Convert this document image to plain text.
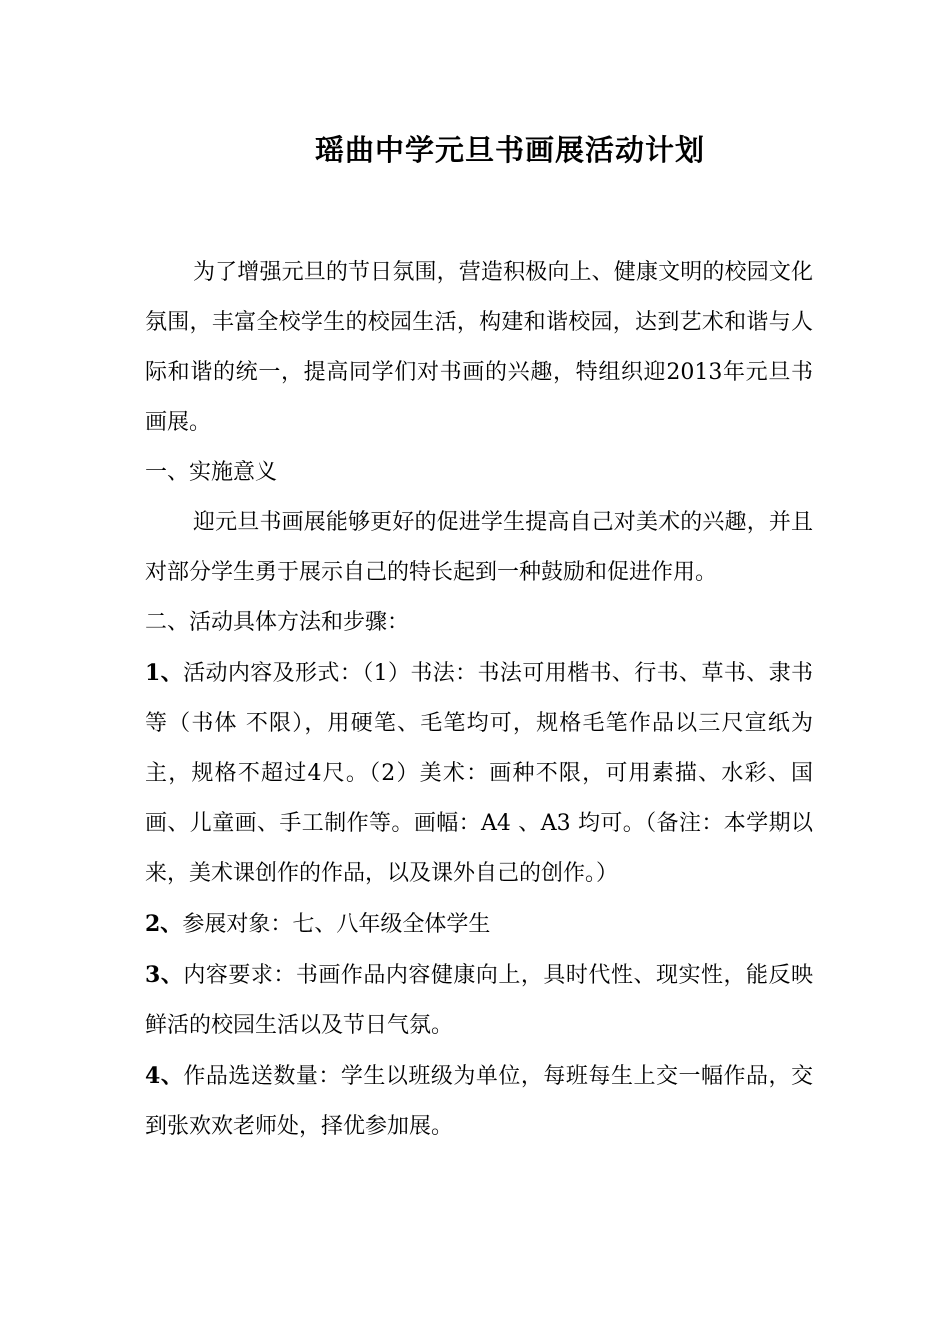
瑶曲中学元旦书画展活动计划

为了增强元旦的节日氛围，营造积极向上、健康文明的校园文化氛围，丰富全校学生的校园生活，构建和谐校园，达到艺术和谐与人际和谐的统一，提高同学们对书画的兴趣，特组织迎2013年元旦书画展。

一、实施意义

迎元旦书画展能够更好的促进学生提高自己对美术的兴趣，并且对部分学生勇于展示自己的特长起到一种鼓励和促进作用。

二、活动具体方法和步骤：

1、活动内容及形式：（1）书法：书法可用楷书、行书、草书、隶书等（书体 不限），用硬笔、毛笔均可，规格毛笔作品以三尺宣纸为主，规格不超过4尺。（2）美术：画种不限，可用素描、水彩、国画、儿童画、手工制作等。画幅：A4 、A3 均可。（备注：本学期以来，美术课创作的作品，以及课外自己的创作。）

2、参展对象：七、八年级全体学生

3、内容要求：书画作品内容健康向上，具时代性、现实性，能反映鲜活的校园生活以及节日气氛。

4、作品选送数量：学生以班级为单位，每班每生上交一幅作品，交到张欢欢老师处，择优参加展。
